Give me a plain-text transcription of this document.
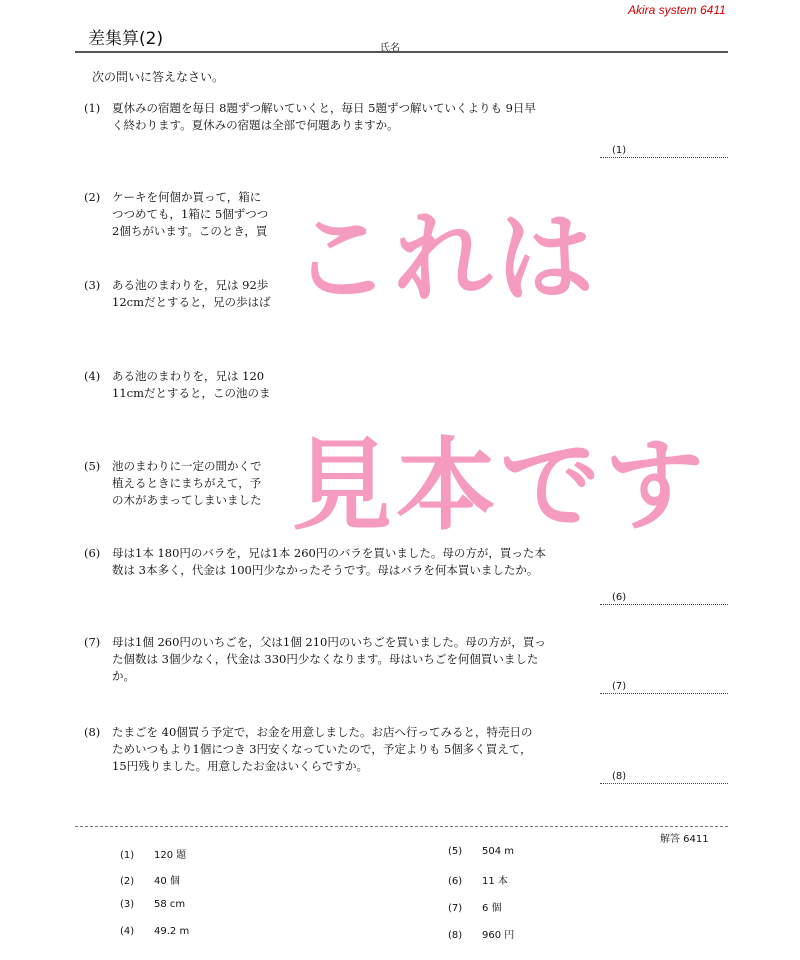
Akira system 6411
差集算(2)	氏名
次の問いに答えなさい。
(1)	夏休みの宿題を毎日 8題ずつ解いていくと，毎日 5題ずつ解いていくよりも 9日早
く終わります。夏休みの宿題は全部で何題ありますか。
(1)
(2)	ケーキを何個か買って，箱に
つつめても，1箱に 5個ずつつ
2個ちがいます。このとき，買
(3)	ある池のまわりを，兄は 92歩
12cmだとすると，兄の歩はば
(4)	ある池のまわりを，兄は 120
11cmだとすると，この池のま
(5)	池のまわりに一定の間かくで
植えるときにまちがえて，予
の木があまってしまいました
(6)	母は1本 180円のバラを，兄は1本 260円のバラを買いました。母の方が，買った本
数は 3本多く，代金は 100円少なかったそうです。母はバラを何本買いましたか。
(6)
(7)	母は1個 260円のいちごを，父は1個 210円のいちごを買いました。母の方が，買っ
た個数は 3個少なく，代金は 330円少なくなります。母はいちごを何個買いました
か。
(7)
(8)	たまごを 40個買う予定で，お金を用意しました。お店へ行ってみると，特売日の
ためいつもより1個につき 3円安くなっていたので，予定よりも 5個多く買えて，
15円残りました。用意したお金はいくらですか。
(8)
これは
見本です
解答 6411
(1) 120 題
(2) 40 個
(3) 58 cm
(4) 49.2 m
(5) 504 m
(6) 11 本
(7) 6 個
(8) 960 円
